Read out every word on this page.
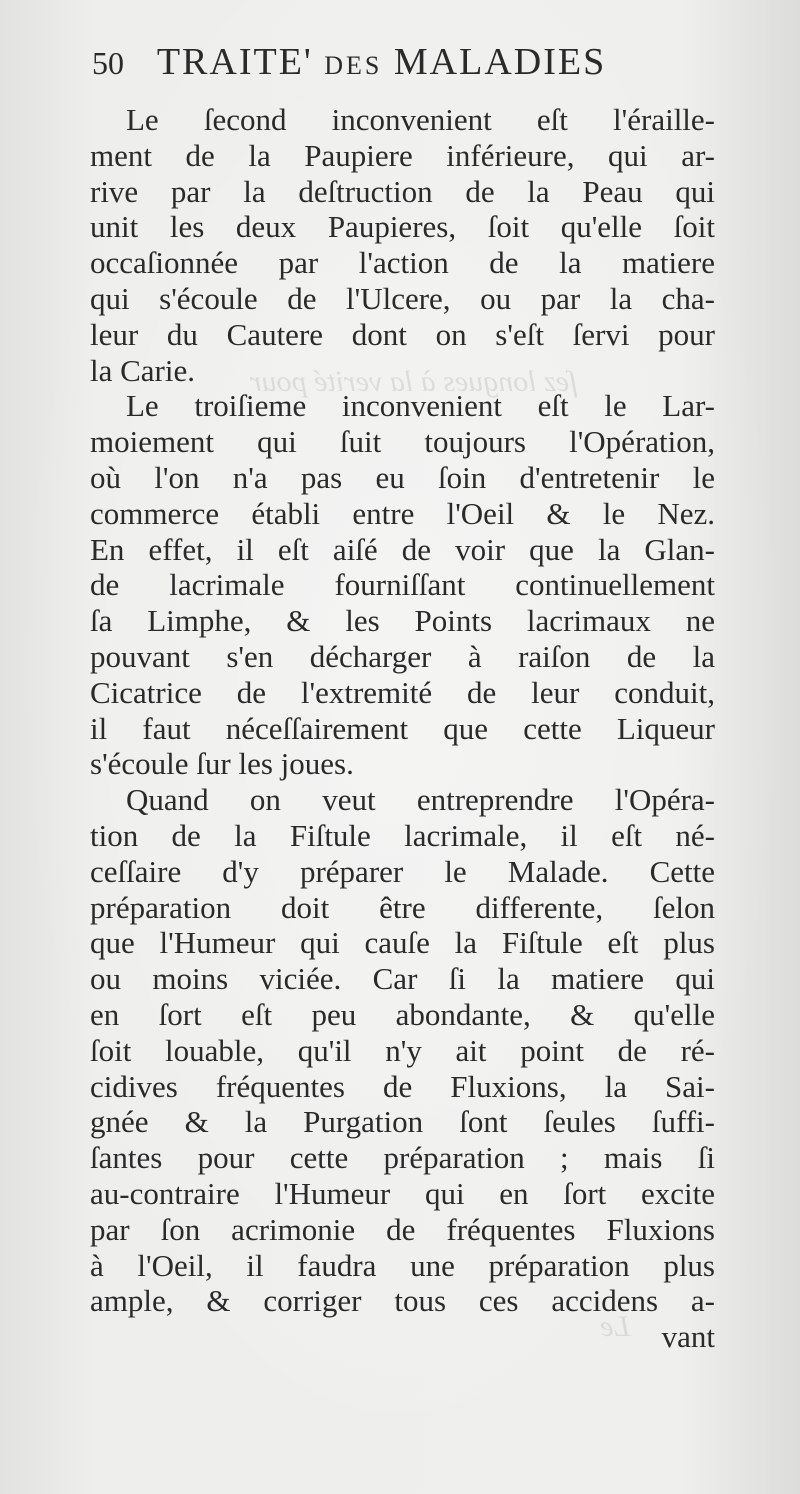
ſez longues à la verité pour
Le
50 TRAITE' DES MALADIES
Le ſecond inconvenient eſt l'éraille-
ment de la Paupiere inférieure, qui ar-
rive par la deſtruction de la Peau qui
unit les deux Paupieres, ſoit qu'elle ſoit
occaſionnée par l'action de la matiere
qui s'écoule de l'Ulcere, ou par la cha-
leur du Cautere dont on s'eſt ſervi pour
la Carie.
Le troiſieme inconvenient eſt le Lar-
moiement qui ſuit toujours l'Opération,
où l'on n'a pas eu ſoin d'entretenir le
commerce établi entre l'Oeil & le Nez.
En effet, il eſt aiſé de voir que la Glan-
de lacrimale fourniſſant continuellement
ſa Limphe, & les Points lacrimaux ne
pouvant s'en décharger à raiſon de la
Cicatrice de l'extremité de leur conduit,
il faut néceſſairement que cette Liqueur
s'écoule ſur les joues.
Quand on veut entreprendre l'Opéra-
tion de la Fiſtule lacrimale, il eſt né-
ceſſaire d'y préparer le Malade. Cette
préparation doit être differente, ſelon
que l'Humeur qui cauſe la Fiſtule eſt plus
ou moins viciée. Car ſi la matiere qui
en ſort eſt peu abondante, & qu'elle
ſoit louable, qu'il n'y ait point de ré-
cidives fréquentes de Fluxions, la Sai-
gnée & la Purgation ſont ſeules ſuffi-
ſantes pour cette préparation ; mais ſi
au-contraire l'Humeur qui en ſort excite
par ſon acrimonie de fréquentes Fluxions
à l'Oeil, il faudra une préparation plus
ample, & corriger tous ces accidens a-
vant
